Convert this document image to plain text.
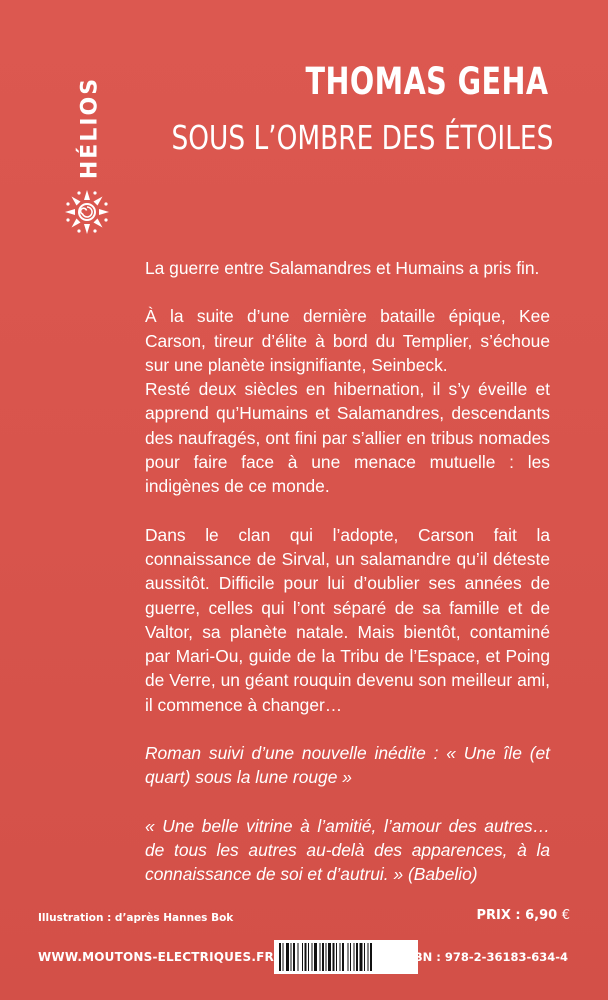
HÉLIOS	THOMAS GEHA
SOUS L’OMBRE DES ÉTOILES

La guerre entre Salamandres et Humains a pris fin.

À la suite d’une dernière bataille épique, Kee Carson, tireur d’élite à bord du Templier, s’échoue sur une planète insignifiante, Seinbeck.

Resté deux siècles en hibernation, il s’y éveille et apprend qu’Humains et Salamandres, descendants des naufragés, ont fini par s’allier en tribus nomades pour faire face à une menace mutuelle : les indigènes de ce monde.

Dans le clan qui l’adopte, Carson fait la connaissance de Sirval, un salamandre qu’il déteste aussitôt. Difficile pour lui d’oublier ses années de guerre, celles qui l’ont séparé de sa famille et de Valtor, sa planète natale. Mais bientôt, contaminé par Mari-Ou, guide de la Tribu de l’Espace, et Poing de Verre, un géant rouquin devenu son meilleur ami, il commence à changer…

Roman suivi d’une nouvelle inédite : « Une île (et quart) sous la lune rouge »

« Une belle vitrine à l’amitié, l’amour des autres… de tous les autres au-delà des apparences, à la connaissance de soi et d’autrui. » (Babelio)

Illustration : d’après Hannes Bok
WWW.MOUTONS-ELECTRIQUES.FR
PRIX : 6,90 €
ISBN : 978-2-36183-634-4
